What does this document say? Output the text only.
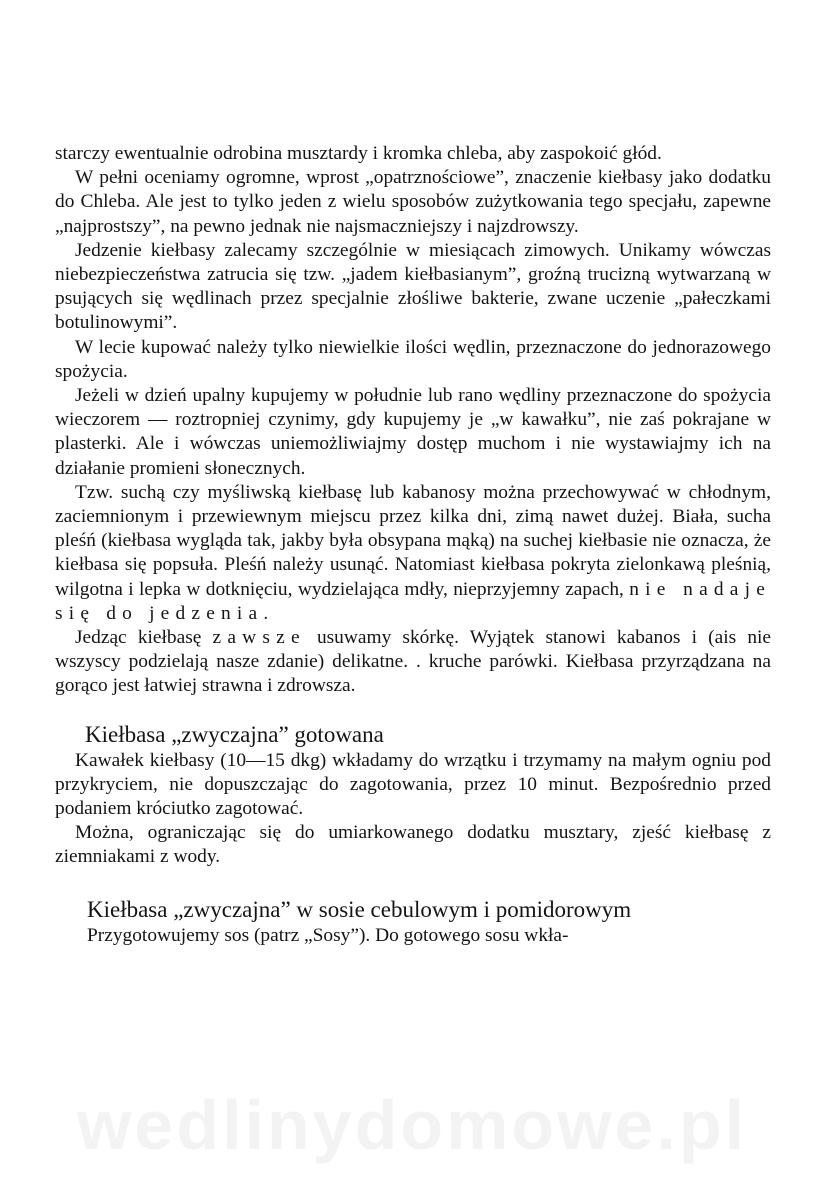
starczy ewentualnie odrobina musztardy i kromka chleba, aby zaspokoić głód.

W pełni oceniamy ogromne, wprost „opatrznościowe”, znaczenie kiełbasy jako dodatku do Chleba. Ale jest to tylko jeden z wielu sposobów zużytkowania tego specjału, zapewne „najprostszy”, na pewno jednak nie najsmaczniejszy i najzdrowszy.

Jedzenie kiełbasy zalecamy szczególnie w miesiącach zimowych. Unikamy wówczas niebezpieczeństwa zatrucia się tzw. „jadem kiełbasianym”, groźną trucizną wytwarzaną w psujących się wędlinach przez specjalnie złośliwe bakterie, zwane uczenie „pałeczkami botulinowymi”.

W lecie kupować należy tylko niewielkie ilości wędlin, przeznaczone do jednorazowego spożycia.

Jeżeli w dzień upalny kupujemy w południe lub rano wędliny przeznaczone do spożycia wieczorem — roztropniej czynimy, gdy kupujemy je „w kawałku”, nie zaś pokrajane w plasterki. Ale i wówczas uniemożliwiajmy dostęp muchom i nie wystawiajmy ich na działanie promieni słonecznych.

Tzw. suchą czy myśliwską kiełbasę lub kabanosy można przechowywać w chłodnym, zaciemnionym i przewiewnym miejscu przez kilka dni, zimą nawet dużej. Biała, sucha pleśń (kiełbasa wygląda tak, jakby była obsypana mąką) na suchej kiełbasie nie oznacza, że kiełbasa się popsuła. Pleśń należy usunąć. Natomiast kiełbasa pokryta zielonkawą pleśnią, wilgotna i lepka w dotknięciu, wydzielająca mdły, nieprzyjemny zapach, nie nadaje się do jedzenia.

Jedząc kiełbasę zawsze usuwamy skórkę. Wyjątek stanowi kabanos i (ais nie wszyscy podzielają nasze zdanie) delikatne. . kruche parówki. Kiełbasa przyrządzana na gorąco jest łatwiej strawna i zdrowsza.

Kiełbasa „zwyczajna” gotowana

Kawałek kiełbasy (10—15 dkg) wkładamy do wrzątku i trzymamy na małym ogniu pod przykryciem, nie dopuszczając do zagotowania, przez 10 minut. Bezpośrednio przed podaniem króciutko zagotować.

Można, ograniczając się do umiarkowanego dodatku musztary, zjeść kiełbasę z ziemniakami z wody.

Kiełbasa „zwyczajna” w sosie cebulowym i pomidorowym

Przygotowujemy sos (patrz „Sosy”). Do gotowego sosu wkła-

wedlinydomowe.pl
